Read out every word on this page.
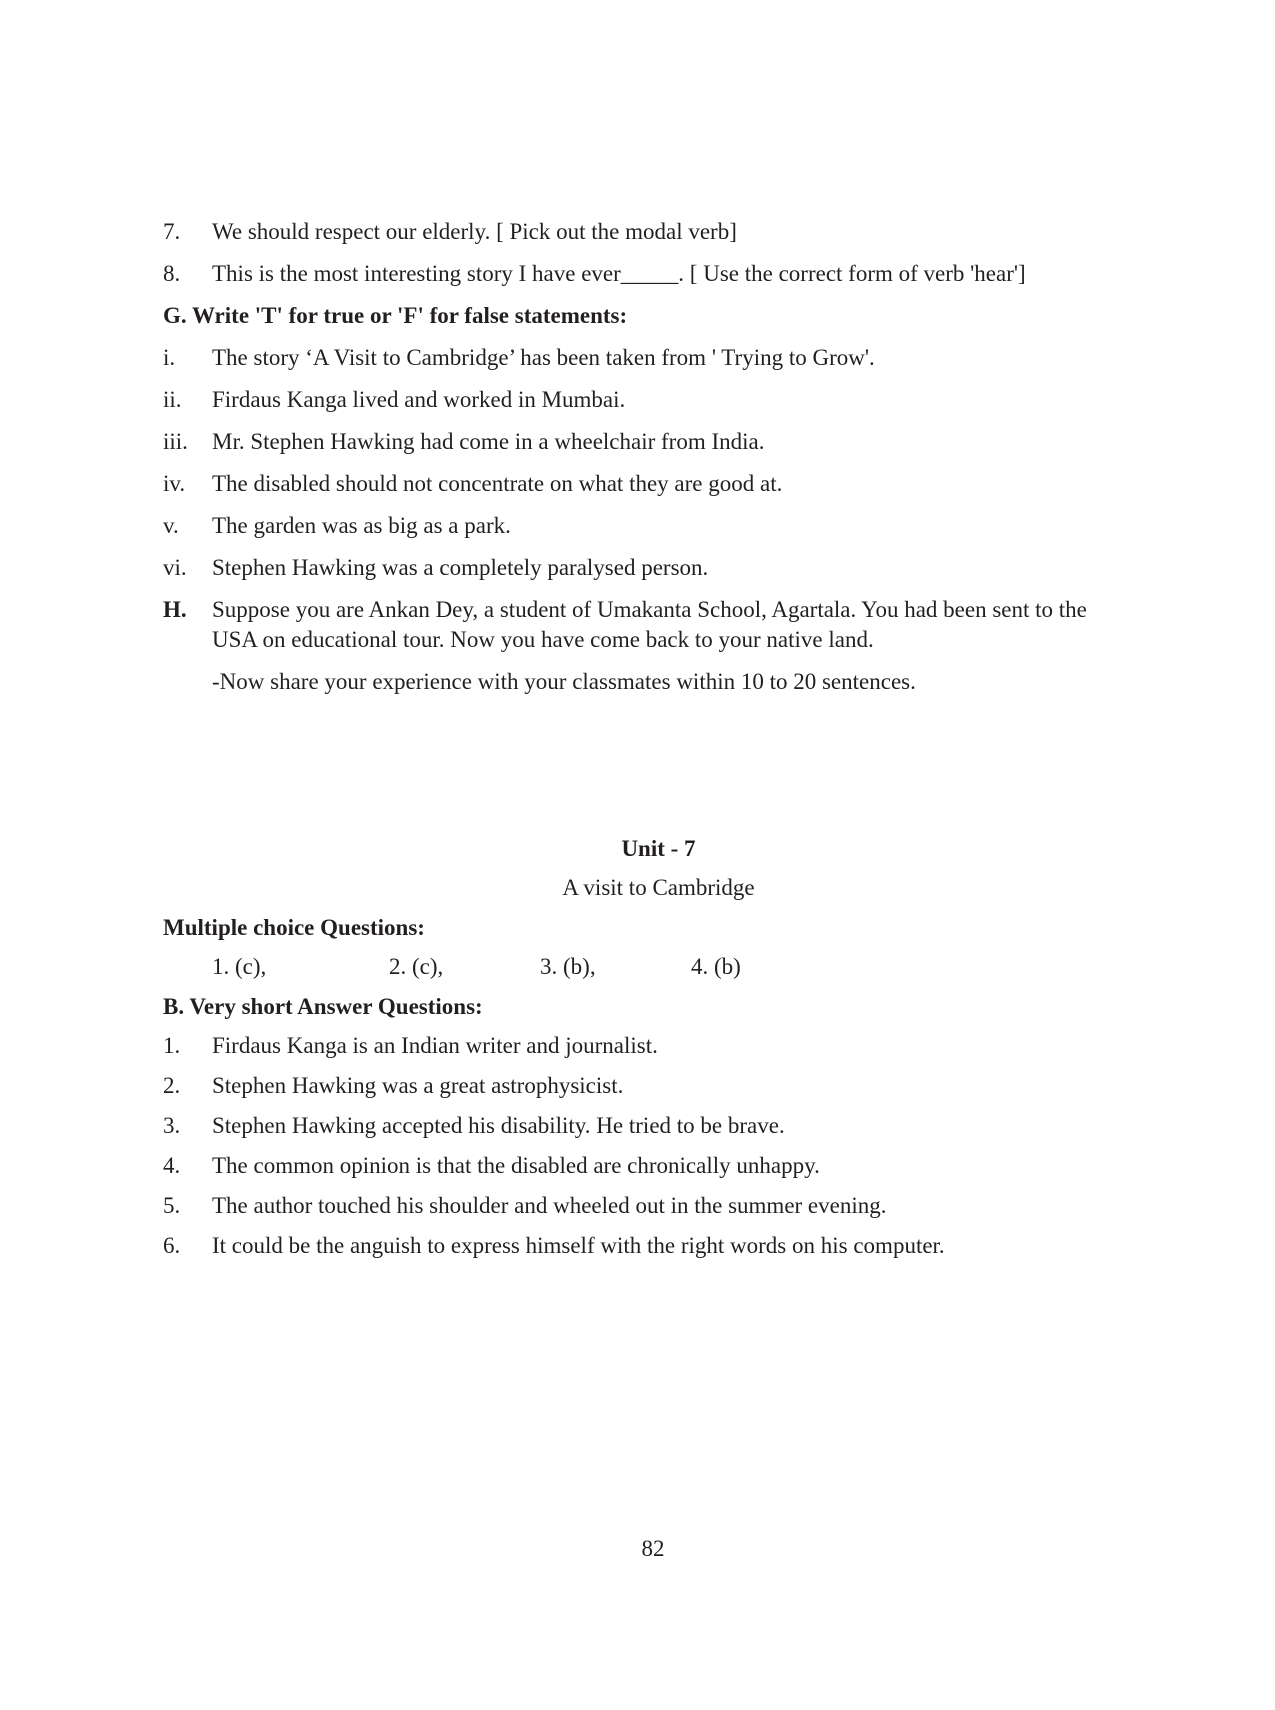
7.	We should respect our elderly. [ Pick out the modal verb]
8.	This is the most interesting story I have ever_____. [ Use the correct form of verb 'hear']
G. Write 'T' for true or 'F' for false statements:
i.	The story ‘A Visit to Cambridge’ has been taken from ' Trying to Grow'.
ii.	Firdaus Kanga lived and worked in Mumbai.
iii.	Mr. Stephen Hawking had come in a wheelchair from India.
iv.	The disabled should not concentrate on what they are good at.
v.	The garden was as big as a park.
vi.	Stephen Hawking was a completely paralysed person.
H.	Suppose you are Ankan Dey, a student of Umakanta School, Agartala. You had been sent to the
USA on educational tour. Now you have come back to your native land.
-Now share your experience with your classmates within 10 to 20 sentences.
Unit - 7
A visit to Cambridge
Multiple choice Questions:
1. (c),	2. (c),	3. (b),	4. (b)
B. Very short Answer Questions:
1.	Firdaus Kanga is an Indian writer and journalist.
2.	Stephen Hawking was a great astrophysicist.
3.	Stephen Hawking accepted his disability. He tried to be brave.
4.	The common opinion is that the disabled are chronically unhappy.
5.	The author touched his shoulder and wheeled out in the summer evening.
6.	It could be the anguish to express himself with the right words on his computer.
82
